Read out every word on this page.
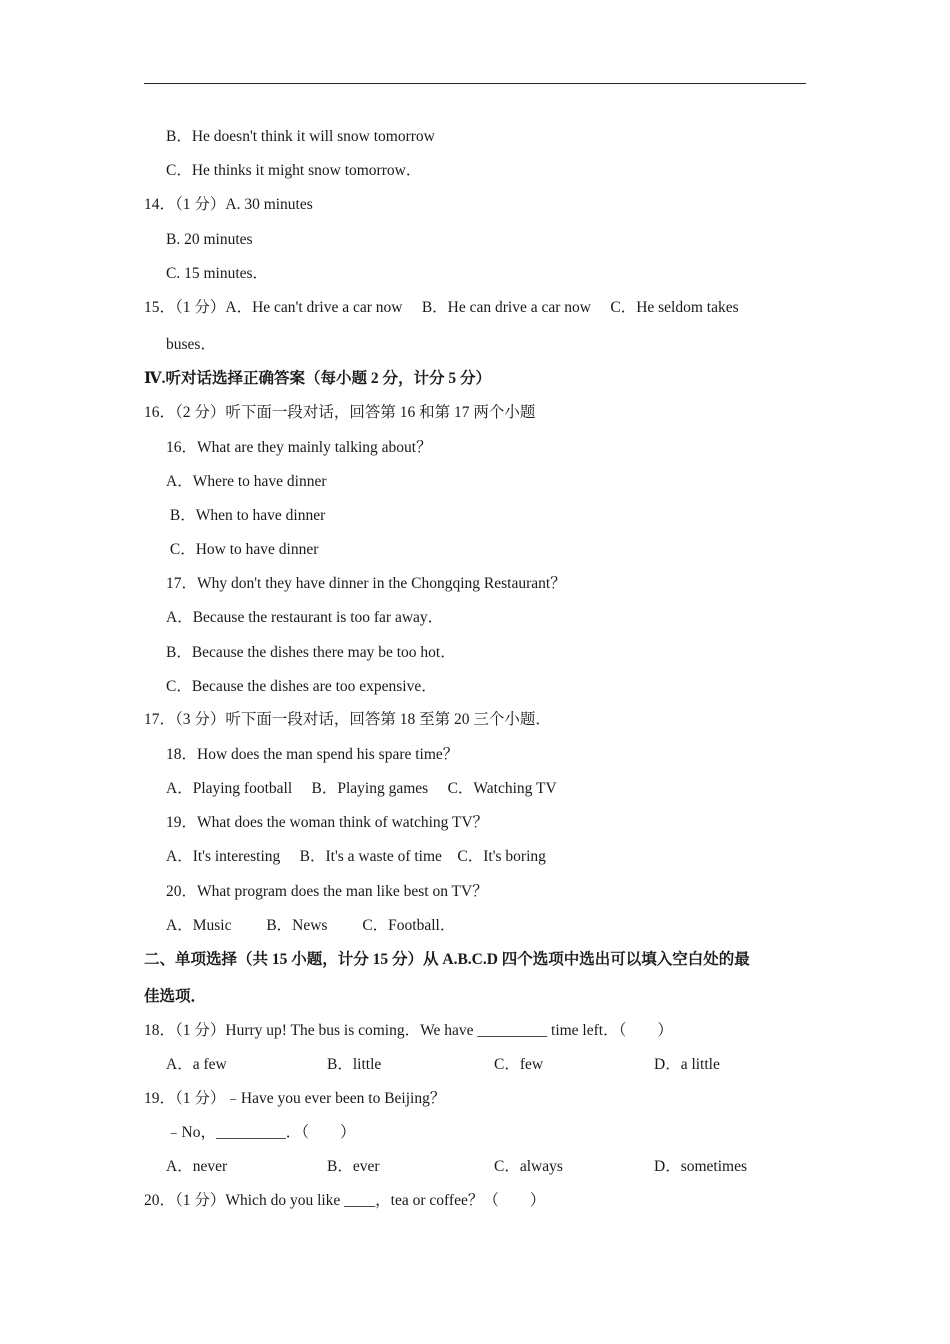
B．He doesn't think it will snow tomorrow
C．He thinks it might snow tomorrow．
14．（1 分）A. 30 minutes
B. 20 minutes
C. 15 minutes．
15．（1 分）A．He can't drive a car now　 B．He can drive a car now　 C．He seldom takes
buses．
Ⅳ.听对话选择正确答案（每小题 2 分，计分 5 分）
16．（2 分）听下面一段对话，回答第 16 和第 17 两个小题
16．What are they mainly talking about？
A．Where to have dinner
B．When to have dinner
C．How to have dinner
17．Why don't they have dinner in the Chongqing Restaurant？
A．Because the restaurant is too far away．
B．Because the dishes there may be too hot．
C．Because the dishes are too expensive．
17．（3 分）听下面一段对话，回答第 18 至第 20 三个小题．
18．How does the man spend his spare time？
A．Playing football　 B．Playing games　 C．Watching TV
19．What does the woman think of watching TV？
A．It's interesting　 B．It's a waste of time　C．It's boring
20．What program does the man like best on TV？
A．Music　　 B．News　　 C．Football．
二、单项选择（共 15 小题，计分 15 分）从 A.B.C.D 四个选项中选出可以填入空白处的最
佳选项．
18．（1 分）Hurry up! The bus is coming．We have _________ time left．（　　）
A．a few	B．little	C．few	D．a little
19．（1 分）﹣Have you ever been to Beijing？
﹣No，_________．（　　）
A．never	B．ever	C．always	D．sometimes
20．（1 分）Which do you like ____，tea or coffee？（　　）
